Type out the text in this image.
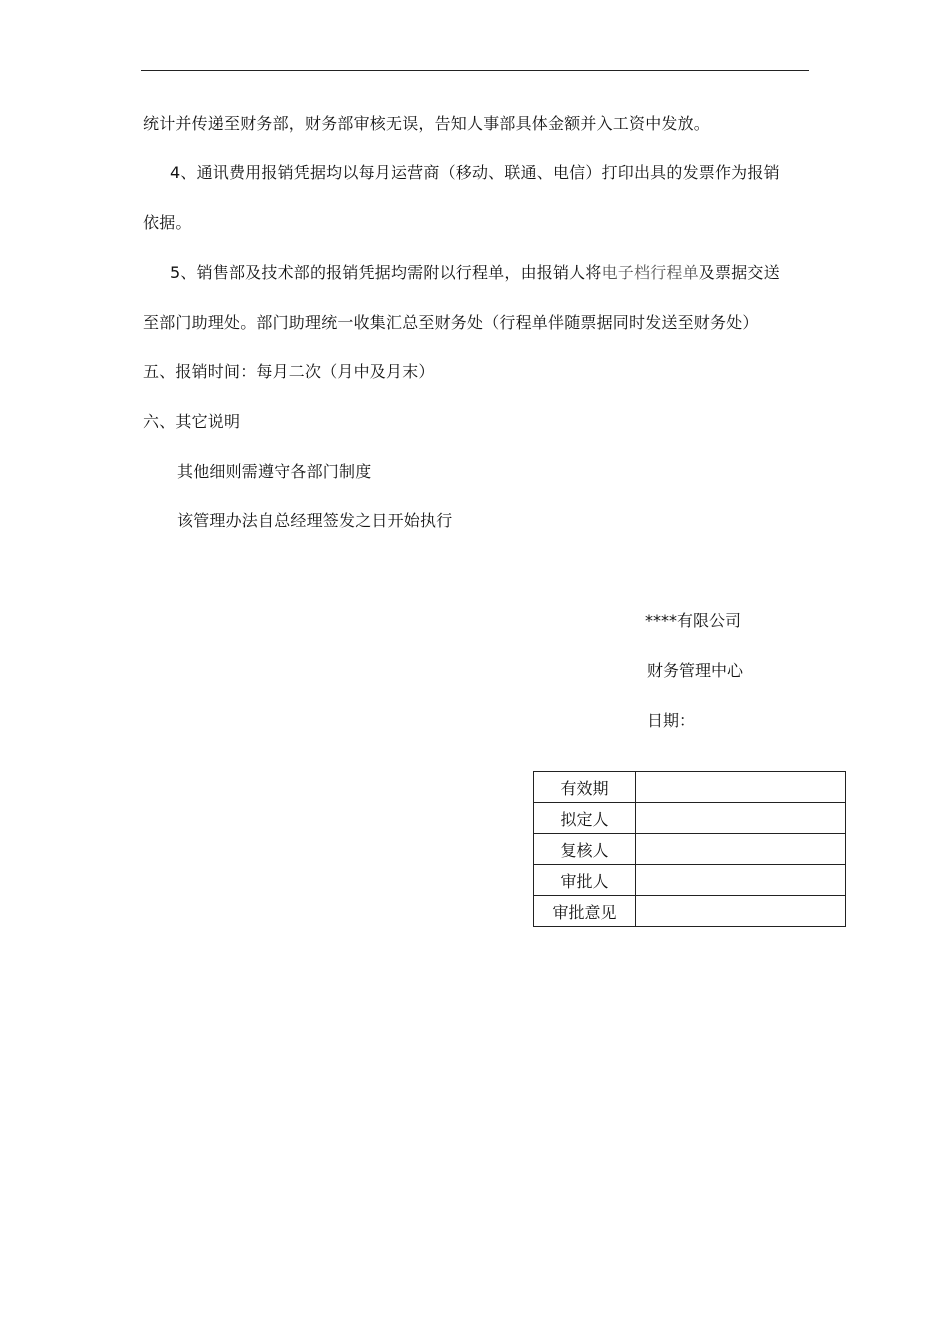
统计并传递至财务部，财务部审核无误，告知人事部具体金额并入工资中发放。
4、通讯费用报销凭据均以每月运营商（移动、联通、电信）打印出具的发票作为报销
依据。
5、销售部及技术部的报销凭据均需附以行程单，由报销人将电子档行程单及票据交送
至部门助理处。部门助理统一收集汇总至财务处（行程单伴随票据同时发送至财务处）
五、报销时间：每月二次（月中及月末）
六、其它说明
其他细则需遵守各部门制度
该管理办法自总经理签发之日开始执行
****有限公司
财务管理中心
日期：
有效期	
拟定人	
复核人	
审批人	
审批意见	
